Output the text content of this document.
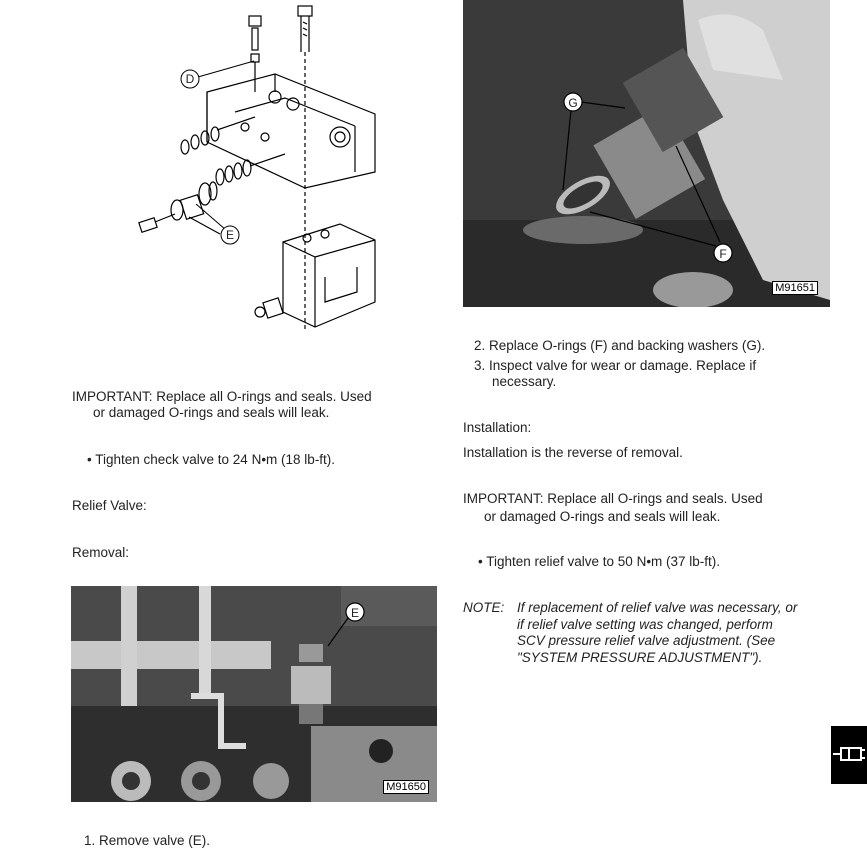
D
E
M91651
G
F
2. Replace O-rings (F) and backing washers (G).
3. Inspect valve for wear or damage. Replace if
necessary.
Installation:
Installation is the reverse of removal.
IMPORTANT: Replace all O-rings and seals. Used
or damaged O-rings and seals will leak.
• Tighten relief valve to 50 N•m (37 lb-ft).
NOTE: If replacement of relief valve was necessary, or
if relief valve setting was changed, perform
SCV pressure relief valve adjustment. (See
"SYSTEM PRESSURE ADJUSTMENT").
IMPORTANT: Replace all O-rings and seals. Used
or damaged O-rings and seals will leak.
• Tighten check valve to 24 N•m (18 lb-ft).
Relief Valve:
Removal:
M91650
E
1. Remove valve (E).
